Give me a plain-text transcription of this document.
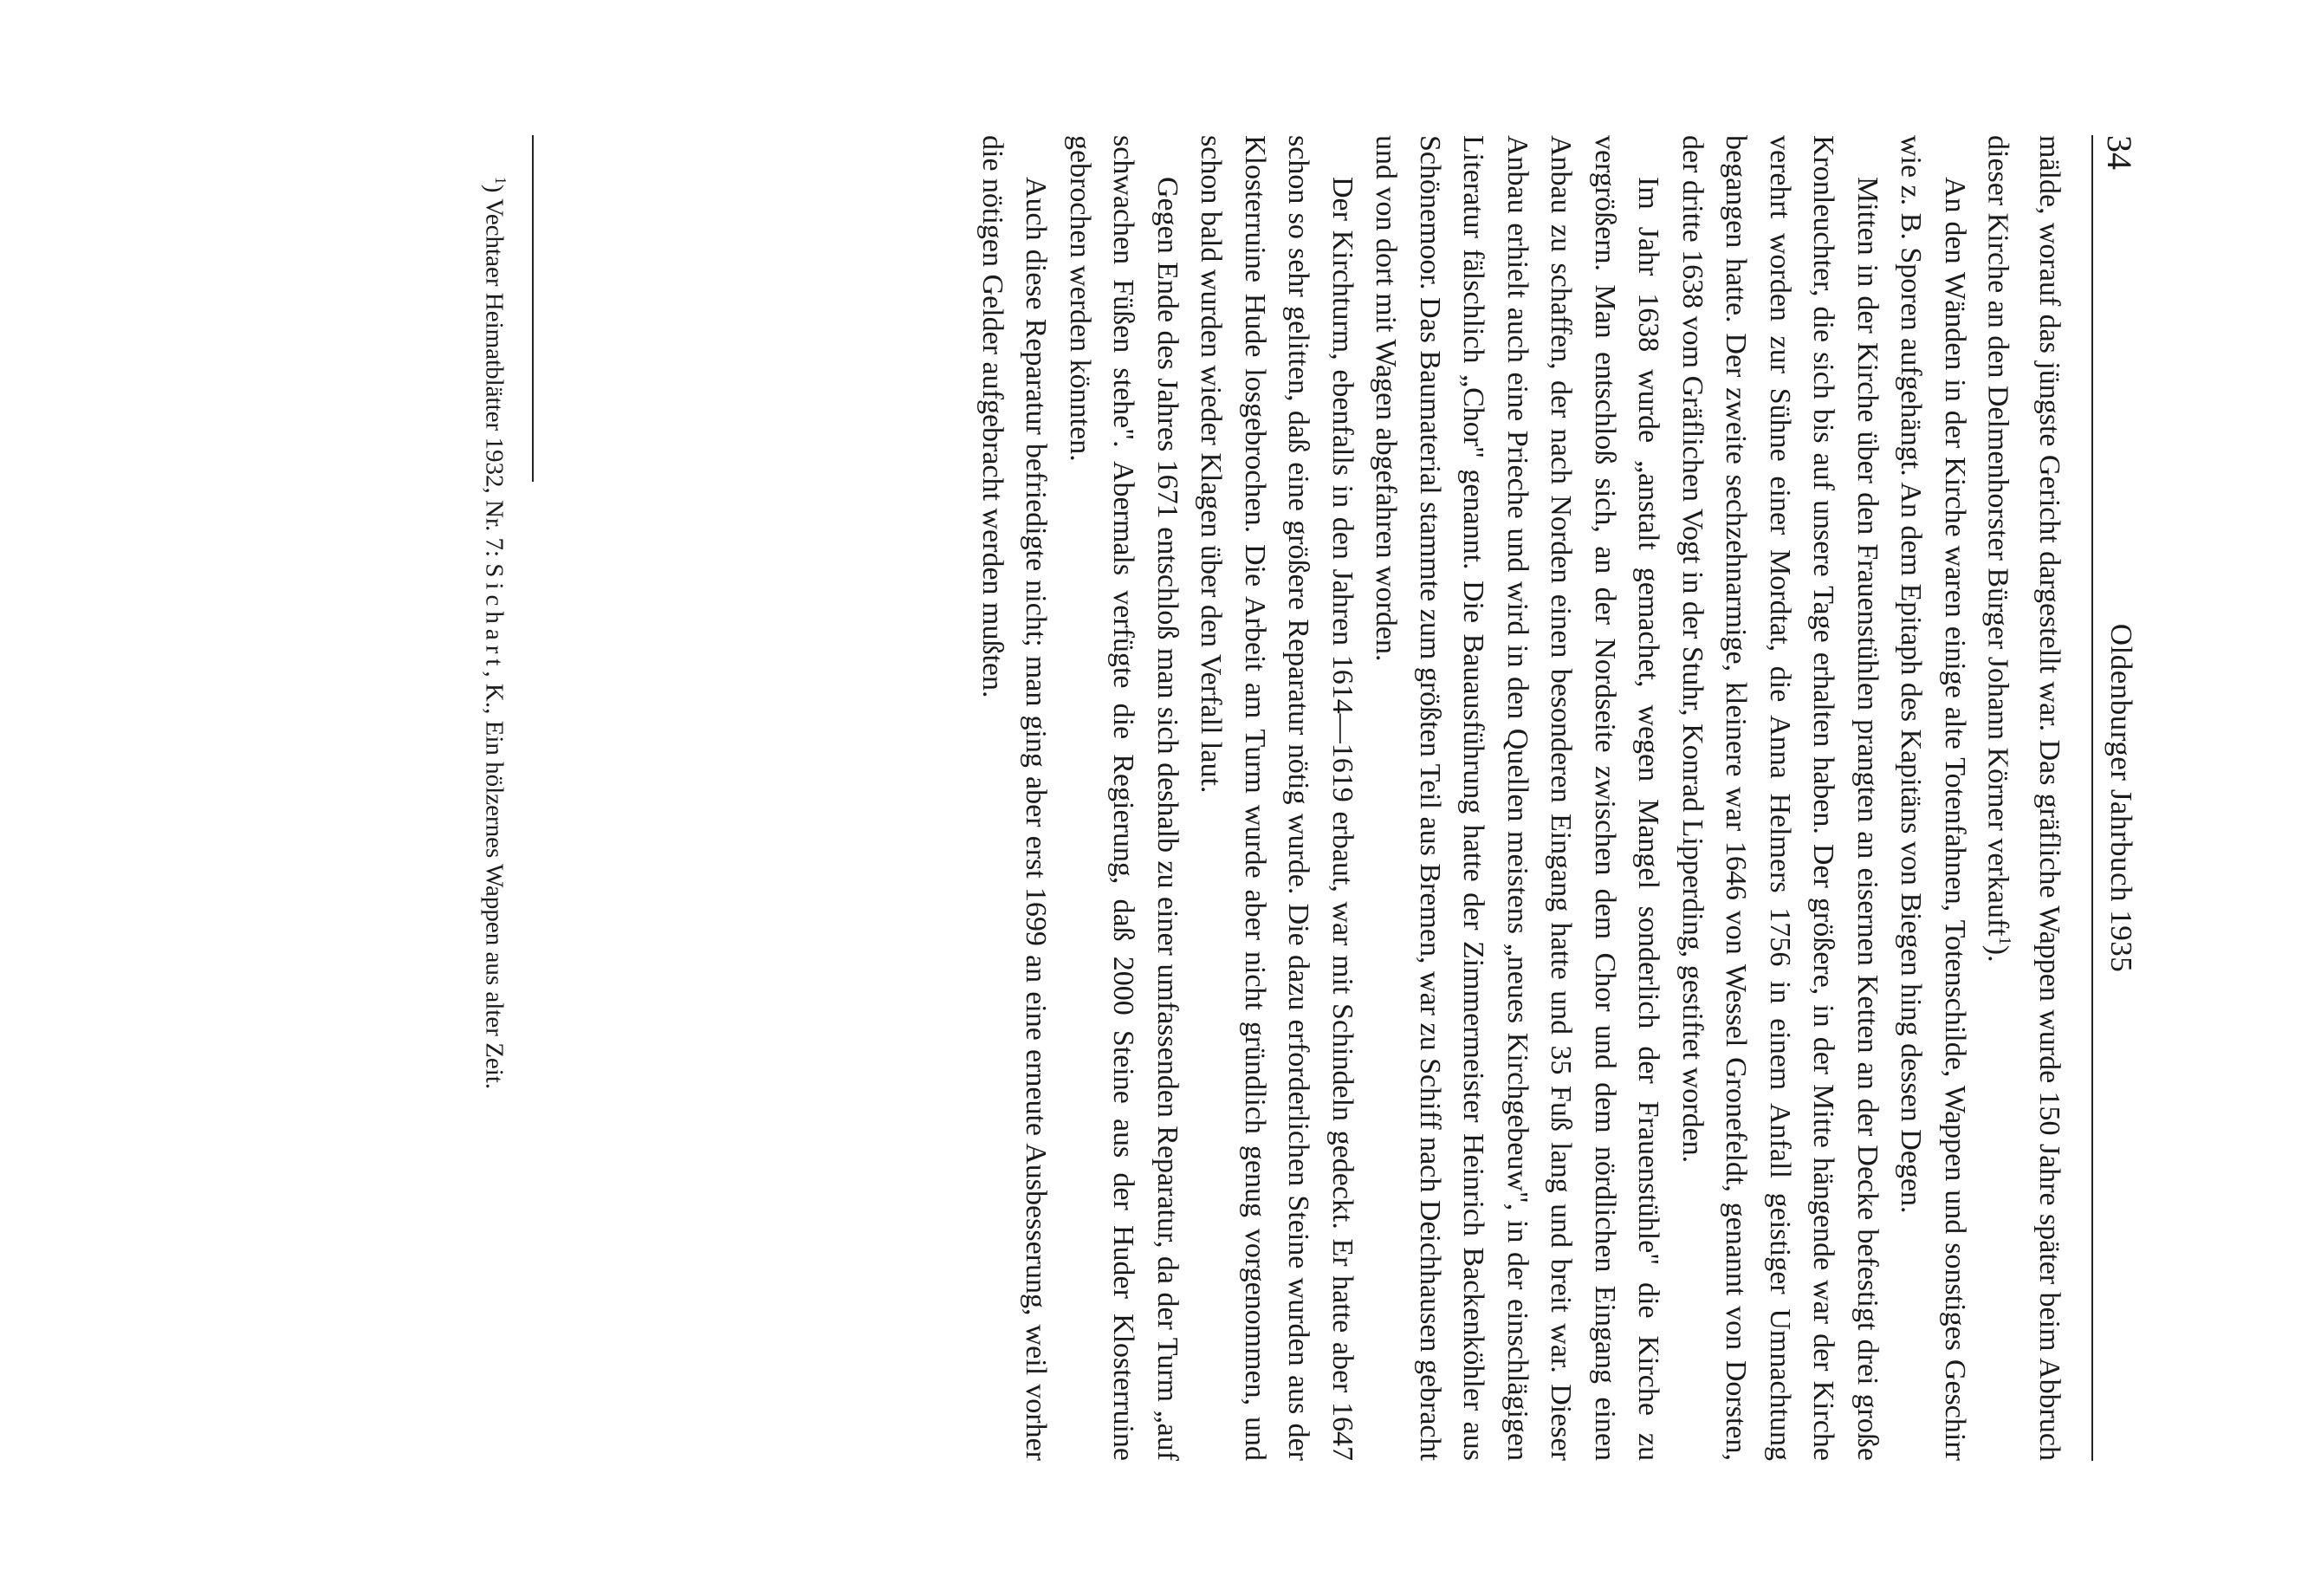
34
Oldenburger Jahrbuch 1935

mälde, worauf das jüngste Gericht dargestellt war. Das gräfliche Wappen wurde 150 Jahre später beim Abbruch dieser Kirche an den Delmenhorster Bürger Johann Körner verkauft$^1$).

An den Wänden in der Kirche waren einige alte Totenfahnen, Totenschilde, Wappen und sonstiges Geschirr wie z. B. Sporen aufgehängt. An dem Epitaph des Kapitäns von Biegen hing dessen Degen.

Mitten in der Kirche über den Frauenstühlen prangten an eisernen Ketten an der Decke befestigt drei große Kronleuchter, die sich bis auf unsere Tage erhalten haben. Der größere, in der Mitte hängende war der Kirche verehrt worden zur Sühne einer Mordtat, die Anna Helmers 1756 in einem Anfall geistiger Umnachtung begangen hatte. Der zweite sechzehnarmige, kleinere war 1646 von Wessel Gronefeldt, genannt von Dorsten, der dritte 1638 vom Gräflichen Vogt in der Stuhr, Konrad Lipperding, gestiftet worden.

Im Jahr 1638 wurde „anstalt gemachet, wegen Mangel sonderlich der Frauenstühle" die Kirche zu vergrößern. Man entschloß sich, an der Nordseite zwischen dem Chor und dem nördlichen Eingang einen Anbau zu schaffen, der nach Norden einen besonderen Eingang hatte und 35 Fuß lang und breit war. Dieser Anbau erhielt auch eine Prieche und wird in den Quellen meistens „neues Kirchgebeuw", in der einschlägigen Literatur fälschlich „Chor" genannt. Die Bauausführung hatte der Zimmermeister Heinrich Backenköhler aus Schönemoor. Das Baumaterial stammte zum größten Teil aus Bremen, war zu Schiff nach Deichhausen gebracht und von dort mit Wagen abgefahren worden.

Der Kirchturm, ebenfalls in den Jahren 1614—1619 erbaut, war mit Schindeln gedeckt. Er hatte aber 1647 schon so sehr gelitten, daß eine größere Reparatur nötig wurde. Die dazu erforderlichen Steine wurden aus der Klosterruine Hude losgebrochen. Die Arbeit am Turm wurde aber nicht gründlich genug vorgenommen, und schon bald wurden wieder Klagen über den Verfall laut.

Gegen Ende des Jahres 1671 entschloß man sich deshalb zu einer umfassenden Reparatur, da der Turm „auf schwachen Füßen stehe". Abermals verfügte die Regierung, daß 2000 Steine aus der Huder Klosterruine gebrochen werden könnten.

Auch diese Reparatur befriedigte nicht; man ging aber erst 1699 an eine erneute Ausbesserung, weil vorher die nötigen Gelder aufgebracht werden mußten.

$^1$) Vechtaer Heimatblätter 1932, Nr. 7: Sichart, K., Ein hölzernes Wappen aus alter Zeit.
